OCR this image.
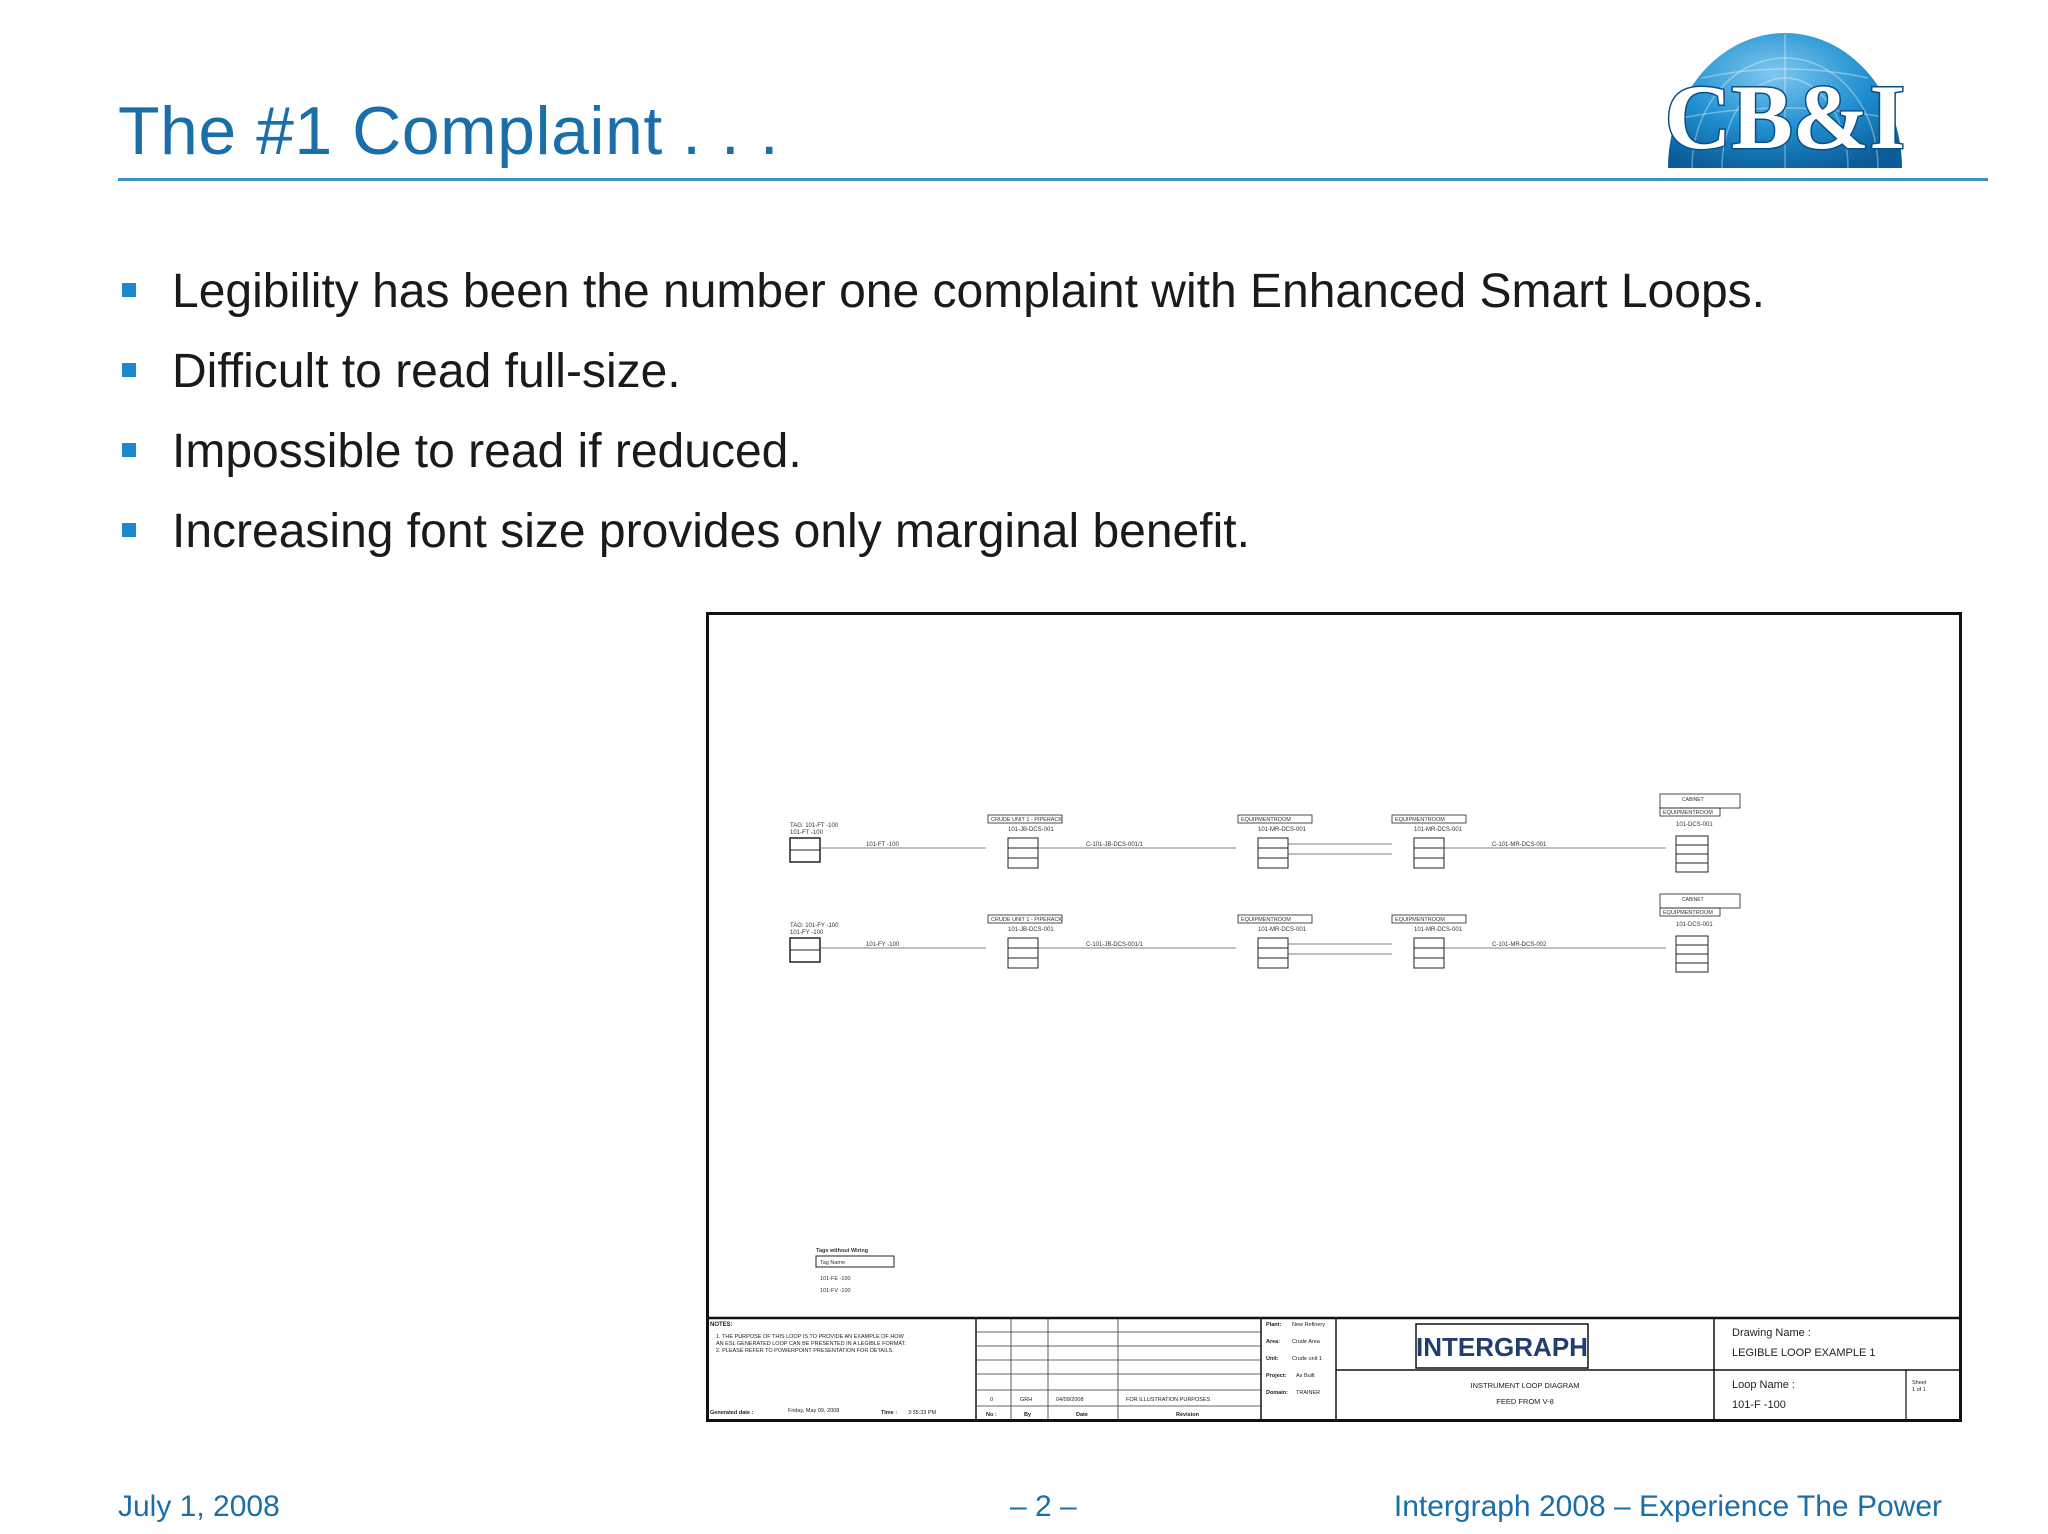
The #1 Complaint . . .	CB&I
Legibility has been the number one complaint with Enhanced Smart Loops.
Difficult to read full-size.
Impossible to read if reduced.
Increasing font size provides only marginal benefit.
TAG: 101-FT -100
101-FT -100
101-FT -100
CRUDE UNIT 1 - PIPERACK
101-JB-DCS-001
C-101-JB-DCS-001/1
EQUIPMENTROOM
101-MR-DCS-001
EQUIPMENTROOM
101-MR-DCS-001
C-101-MR-DCS-001
CABINET
EQUIPMENTROOM
101-DCS-001
TAG: 101-FY -100
101-FY -100
101-FY -100
CRUDE UNIT 1 - PIPERACK
101-JB-DCS-001
C-101-JB-DCS-001/1
EQUIPMENTROOM
101-MR-DCS-001
EQUIPMENTROOM
101-MR-DCS-001
C-101-MR-DCS-002
CABINET
EQUIPMENTROOM
101-DCS-001
Tags without Wiring
Tag Name
101-FE -100
101-FV -100
NOTES:
1. THE PURPOSE OF THIS LOOP IS TO PROVIDE AN EXAMPLE OF HOW
AN ESL GENERATED LOOP CAN BE PRESENTED IN A LEGIBLE FORMAT.
2. PLEASE REFER TO POWERPOINT PRESENTATION FOR DETAILS.
Generated date :	Friday, May 09, 2008	Time : 3:35:33 PM
0	GRH	04/09/2008	FOR ILLUSTRATION PURPOSES
No :	By	Date	Revision
Plant: New Refinery
Area: Crude Area
Unit: Crude unit 1
Project: As Built
Domain: TRAINER
INTERGRAPH
INSTRUMENT LOOP DIAGRAM
FEED FROM V-8
Drawing Name :
LEGIBLE LOOP EXAMPLE 1
Loop Name :
101-F -100
Sheet
1 of 1
July 1, 2008	– 2 –	Intergraph 2008 – Experience The Power
